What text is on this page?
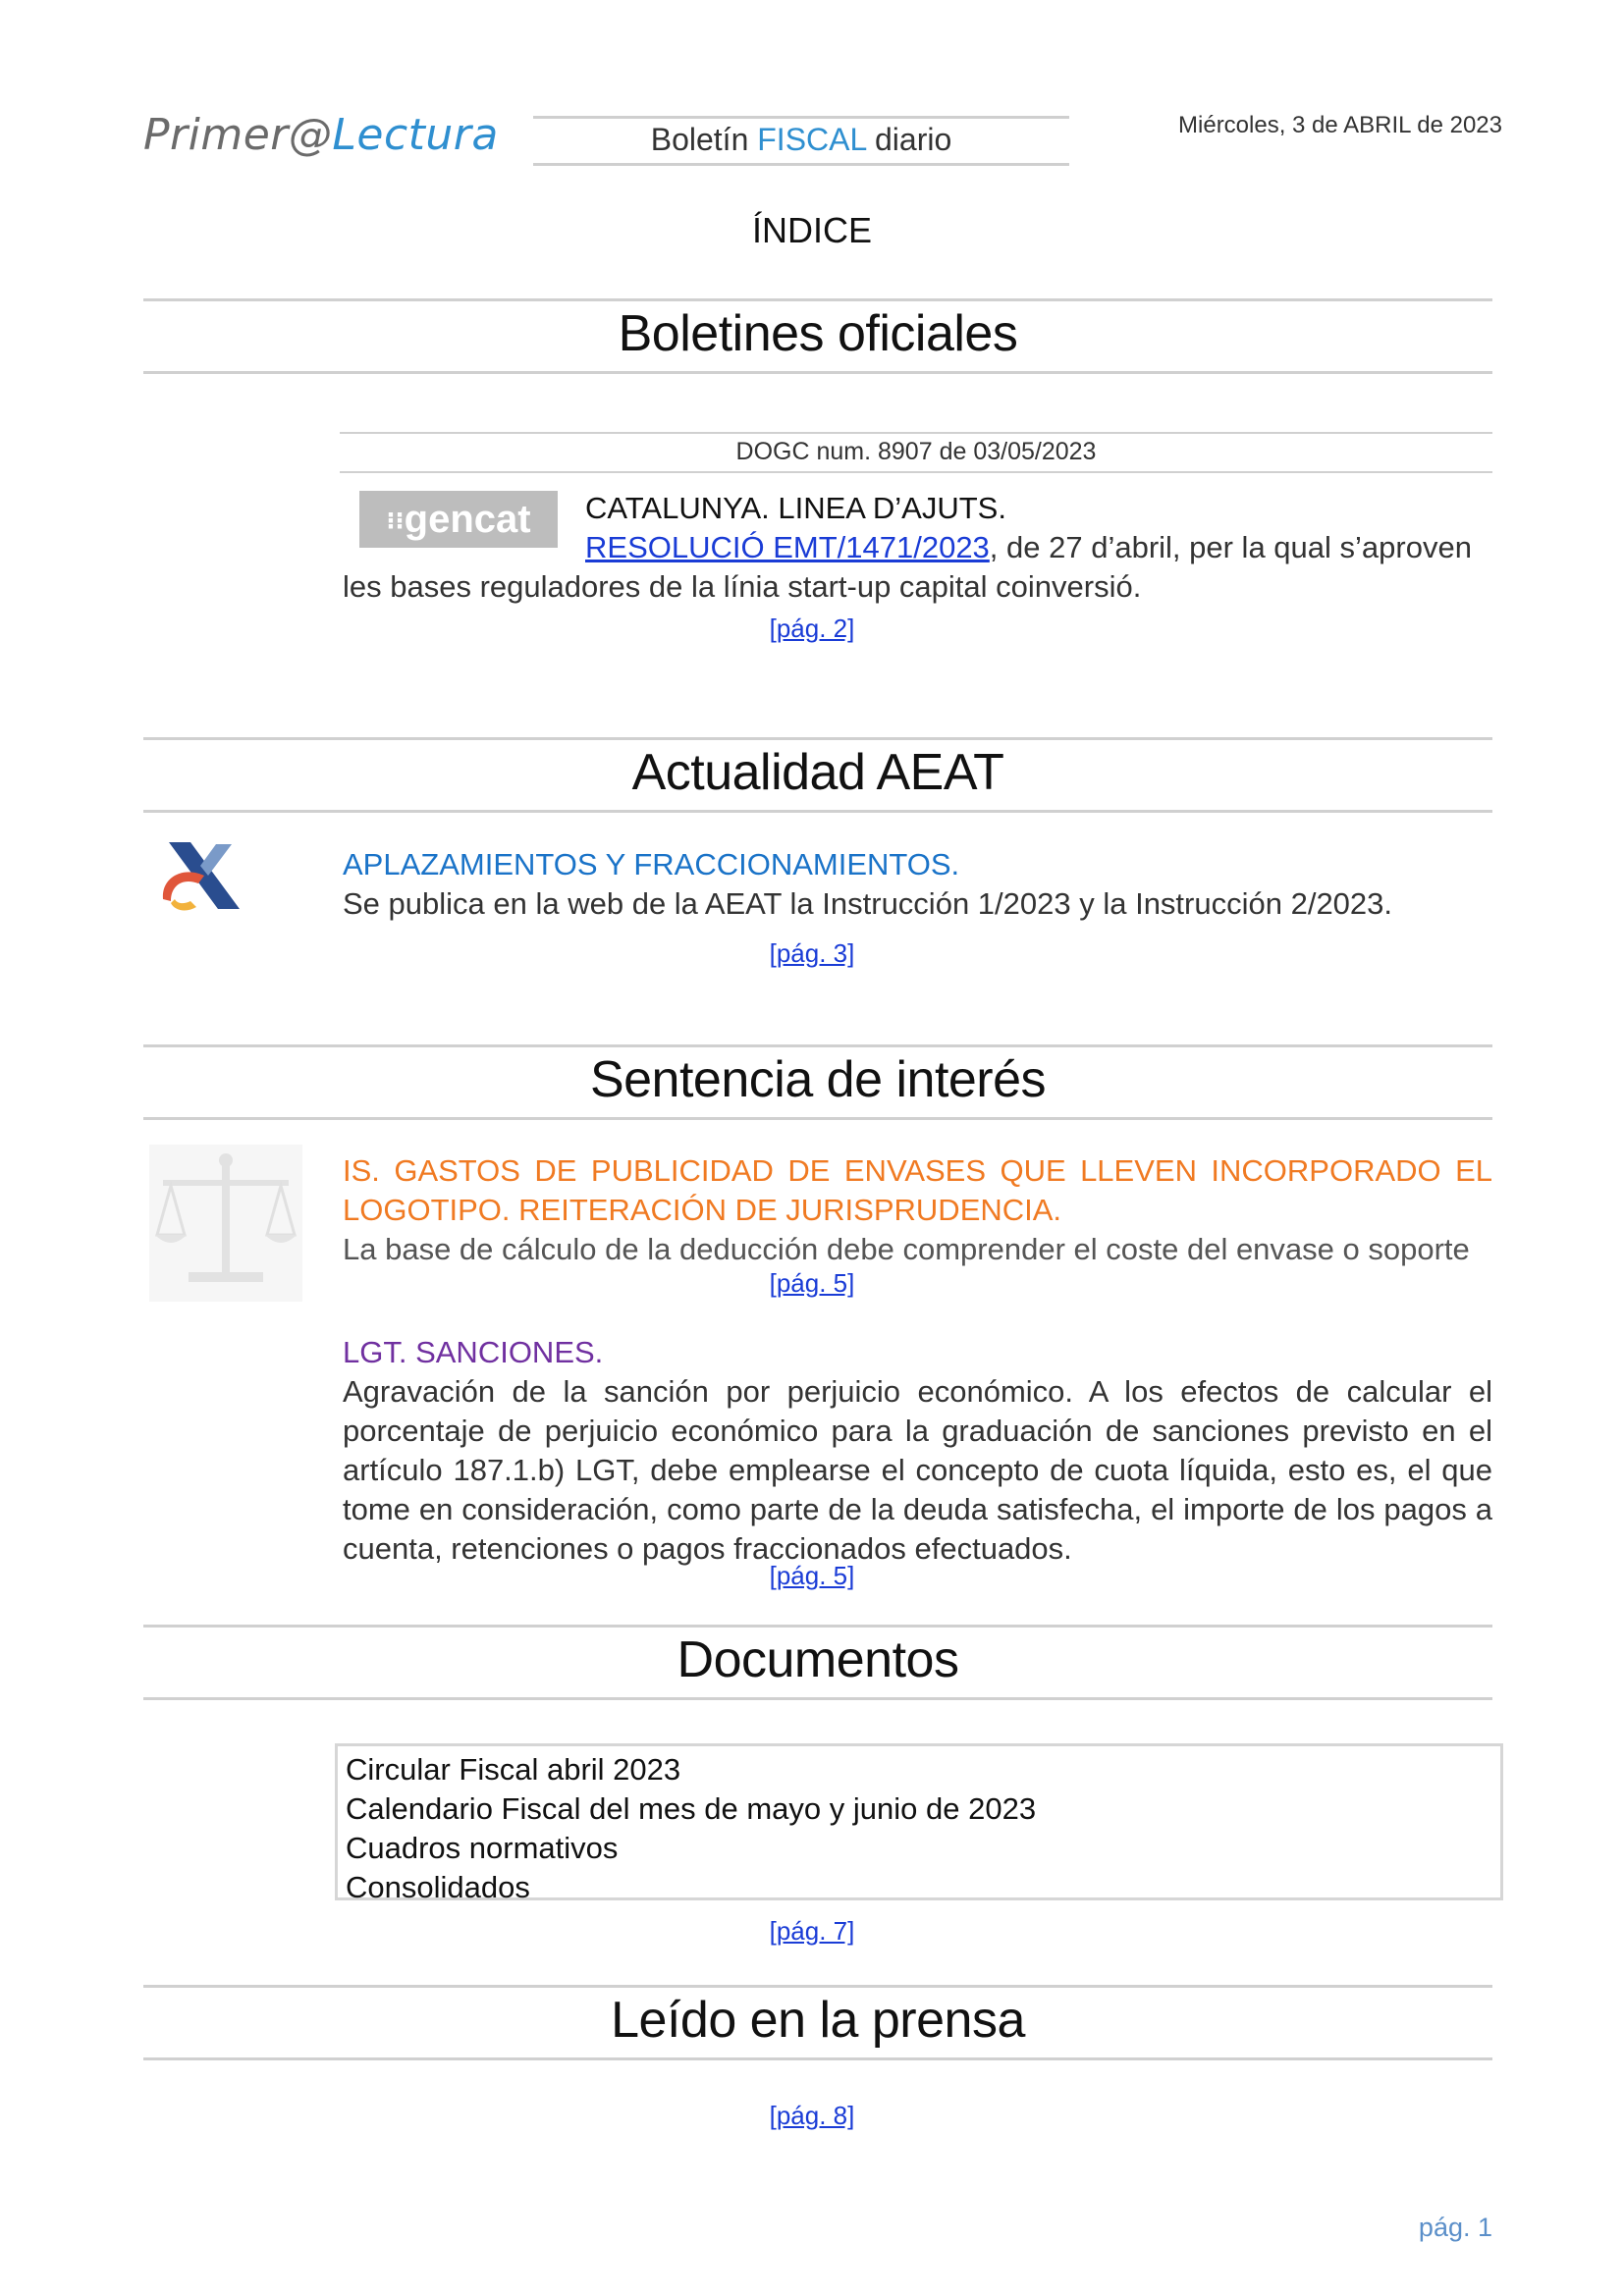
Primer@Lectura	Boletín FISCAL diario	Miércoles, 3 de ABRIL de 2023
ÍNDICE
Boletines oficiales
DOGC num. 8907 de 03/05/2023
⁝⁝gencat	CATALUNYA. LINEA D’AJUTS.
RESOLUCIÓ EMT/1471/2023, de 27 d’abril, per la qual s’aproven
les bases reguladores de la línia start-up capital coinversió.
[pág. 2]
Actualidad AEAT
APLAZAMIENTOS Y FRACCIONAMIENTOS.
Se publica en la web de la AEAT la Instrucción 1/2023 y la Instrucción 2/2023.
[pág. 3]
Sentencia de interés
IS. GASTOS DE PUBLICIDAD DE ENVASES QUE LLEVEN INCORPORADO EL
LOGOTIPO. REITERACIÓN DE JURISPRUDENCIA.
La base de cálculo de la deducción debe comprender el coste del envase o soporte
[pág. 5]
LGT. SANCIONES.
Agravación de la sanción por perjuicio económico. A los efectos de calcular el porcentaje de perjuicio económico para la graduación de sanciones previsto en el artículo 187.1.b) LGT, debe emplearse el concepto de cuota líquida, esto es, el que tome en consideración, como parte de la deuda satisfecha, el importe de los pagos a cuenta, retenciones o pagos fraccionados efectuados.
[pág. 5]
Documentos
Circular Fiscal abril 2023
Calendario Fiscal del mes de mayo y junio de 2023
Cuadros normativos
Consolidados
[pág. 7]
Leído en la prensa
[pág. 8]
pág. 1
